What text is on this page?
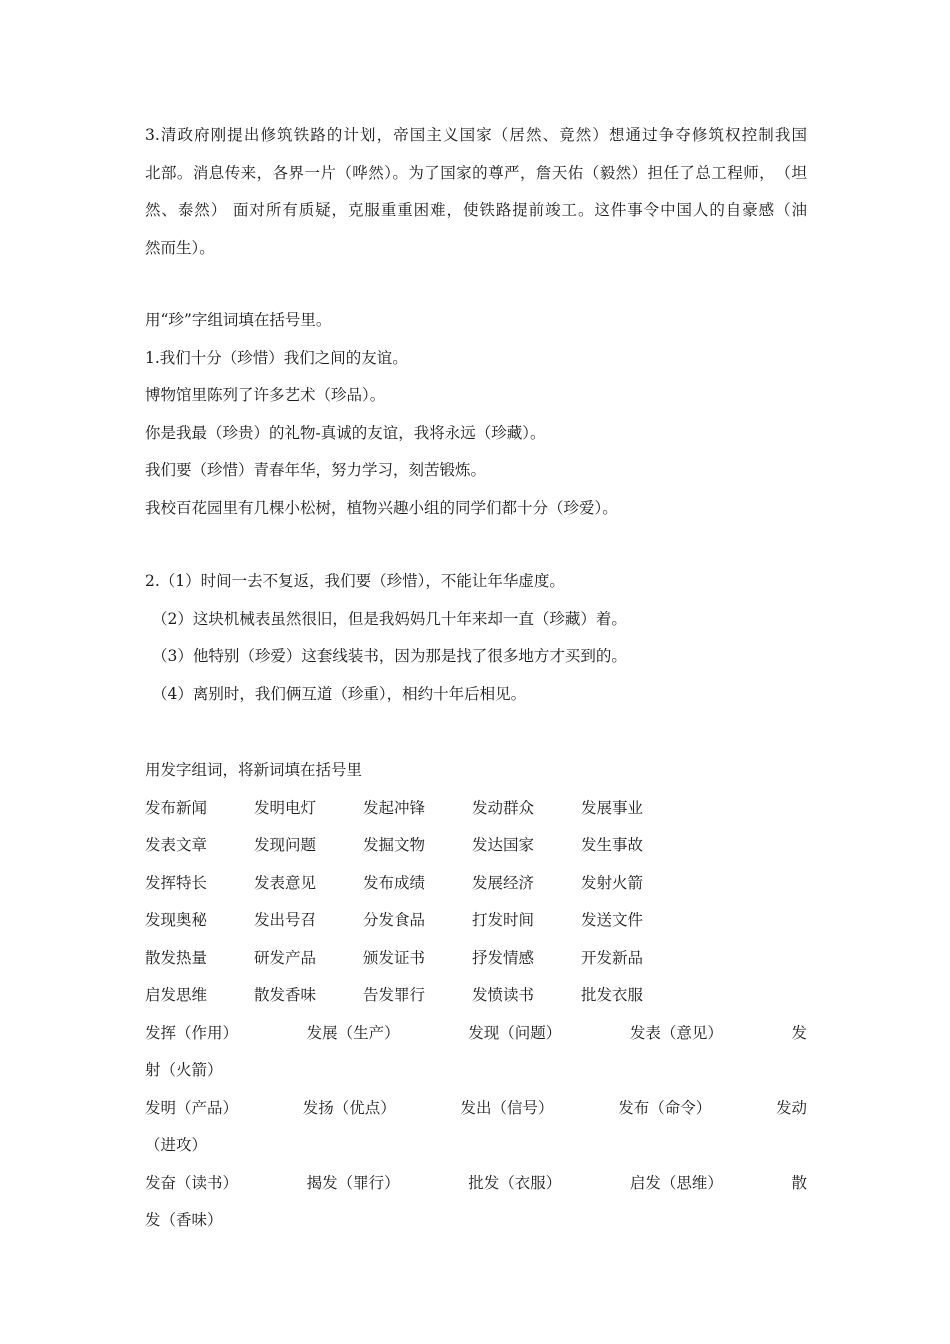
3.清政府刚提出修筑铁路的计划，帝国主义国家（居然、竟然）想通过争夺修筑权控制我国
北部。消息传来，各界一片（哗然）。为了国家的尊严，詹天佑（毅然）担任了总工程师，　（坦
然、泰然） 面对所有质疑，克服重重困难，使铁路提前竣工。这件事令中国人的自豪感（油
然而生）。
用“珍”字组词填在括号里。
1.我们十分（珍惜）我们之间的友谊。
博物馆里陈列了许多艺术（珍品）。
你是我最（珍贵）的礼物-真诚的友谊，我将永远（珍藏）。
我们要（珍惜）青春年华，努力学习，刻苦锻炼。
我校百花园里有几棵小松树，植物兴趣小组的同学们都十分（珍爱）。
2.（1）时间一去不复返，我们要（珍惜），不能让年华虚度。
（2）这块机械表虽然很旧，但是我妈妈几十年来却一直（珍藏）着。
（3）他特别（珍爱）这套线装书，因为那是找了很多地方才买到的。
（4）离别时，我们俩互道（珍重），相约十年后相见。
用发字组词，将新词填在括号里
发布新闻	发明电灯	发起冲锋	发动群众	发展事业
发表文章	发现问题	发掘文物	发达国家	发生事故
发挥特长	发表意见	发布成绩	发展经济	发射火箭
发现奥秘	发出号召	分发食品	打发时间	发送文件
散发热量	研发产品	颁发证书	抒发情感	开发新品
启发思维	散发香味	告发罪行	发愤读书	批发衣服
发挥（作用）	发展（生产）	发现（问题）	发表（意见）	发
射（火箭）
发明（产品）	发扬（优点）	发出（信号）	发布（命令）	发动
（进攻）
发奋（读书）	揭发（罪行）	批发（衣服）	启发（思维）	散
发（香味）
